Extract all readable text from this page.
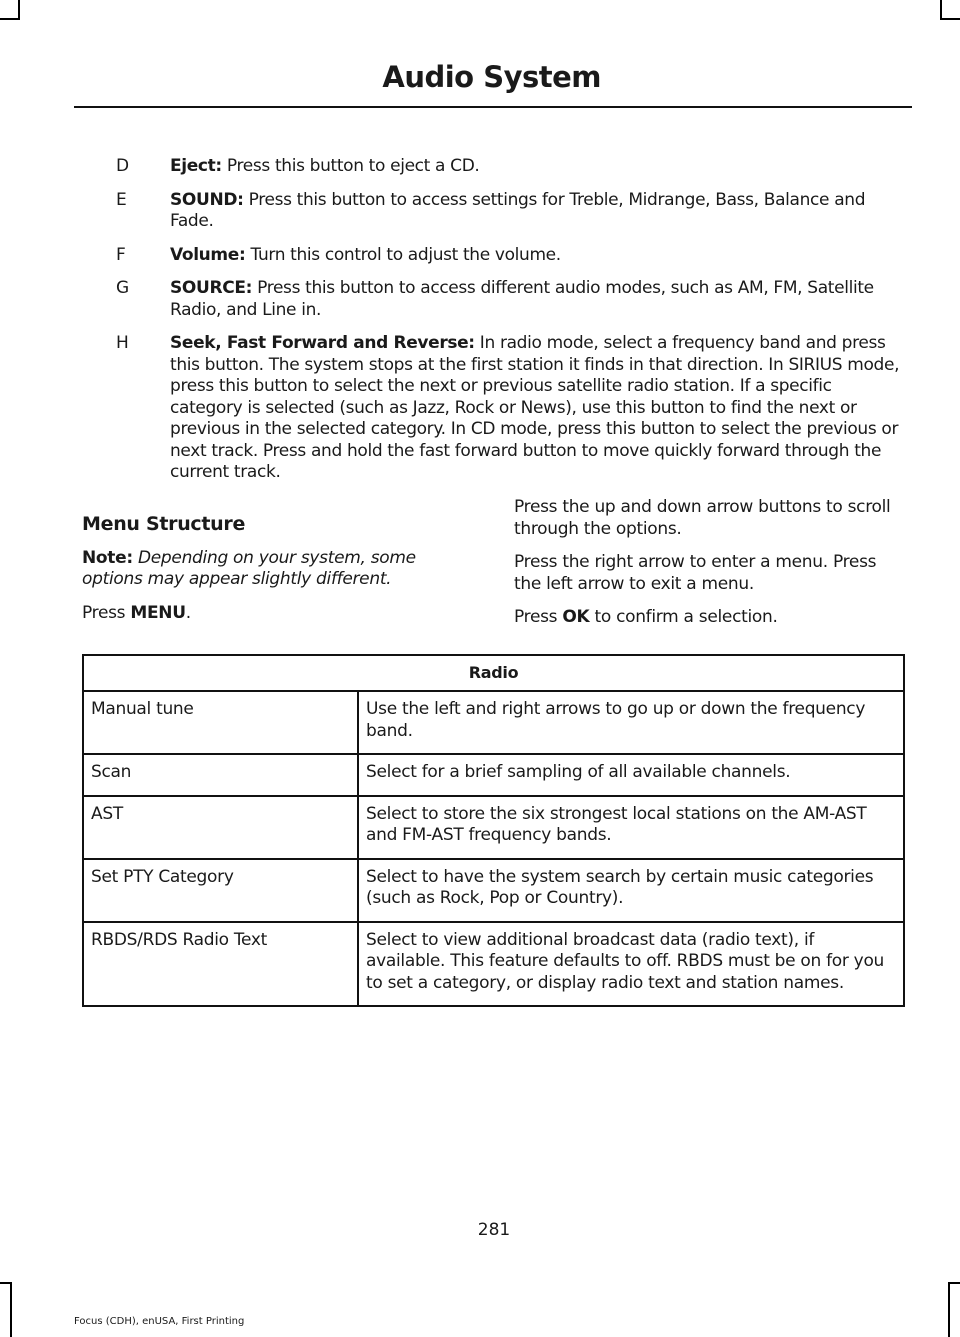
Audio System
D Eject: Press this button to eject a CD.
E	SOUND: Press this button to access settings for Treble, Midrange, Bass, Balance and Fade.
F	Volume: Turn this control to adjust the volume.
G SOURCE: Press this button to access different audio modes, such as AM, FM, Satellite Radio, and Line in.
H Seek, Fast Forward and Reverse: In radio mode, select a frequency band and press this button. The system stops at the first station it finds in that direction. In SIRIUS mode, press this button to select the next or previous satellite radio station. If a specific category is selected (such as Jazz, Rock or News), use this button to find the next or previous in the selected category. In CD mode, press this button to select the previous or next track. Press and hold the fast forward button to move quickly forward through the current track.

Menu Structure

Note: Depending on your system, some options may appear slightly different.

Press MENU.

Press the up and down arrow buttons to scroll through the options.

Press the right arrow to enter a menu. Press the left arrow to exit a menu.

Press OK to confirm a selection.

Radio	
Manual tune	Use the left and right arrows to go up or down the frequency band.
Scan	Select for a brief sampling of all available channels.
AST	Select to store the six strongest local stations on the AM-AST and FM-AST frequency bands.
Set PTY Category	Select to have the system search by certain music categories (such as Rock, Pop or Country).
RBDS/RDS Radio Text	Select to view additional broadcast data (radio text), if available. This feature defaults to off. RBDS must be on for you to set a category, or display radio text and station names.
281
Focus (CDH), enUSA, First Printing
